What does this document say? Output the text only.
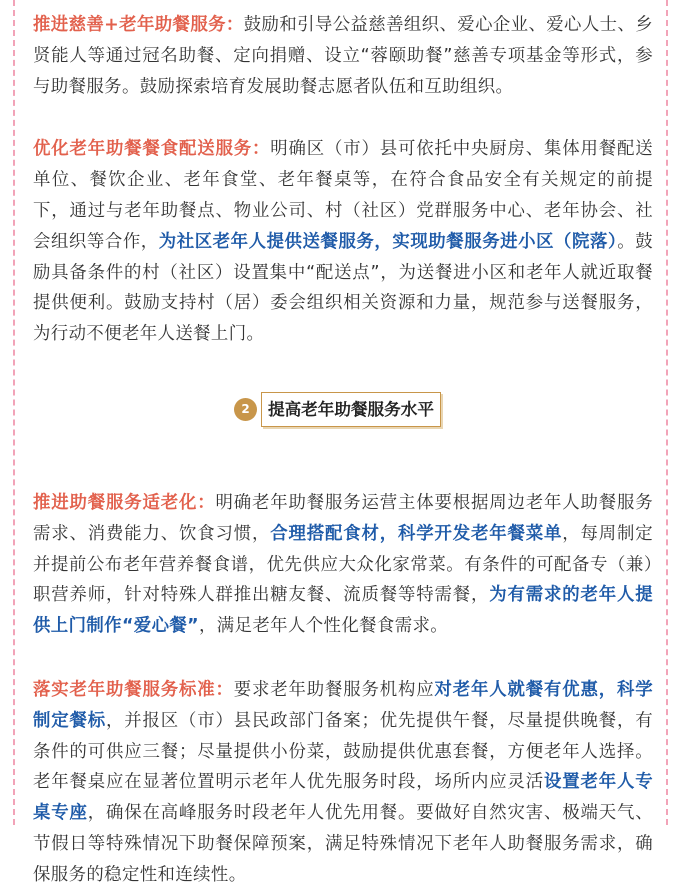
推进慈善+老年助餐服务：鼓励和引导公益慈善组织、爱心企业、爱心人士、乡贤能人等通过冠名助餐、定向捐赠、设立“蓉颐助餐”慈善专项基金等形式，参与助餐服务。鼓励探索培育发展助餐志愿者队伍和互助组织。
优化老年助餐餐食配送服务：明确区（市）县可依托中央厨房、集体用餐配送单位、餐饮企业、老年食堂、老年餐桌等，在符合食品安全有关规定的前提下，通过与老年助餐点、物业公司、村（社区）党群服务中心、老年协会、社会组织等合作，为社区老年人提供送餐服务，实现助餐服务进小区（院落）。鼓励具备条件的村（社区）设置集中“配送点”，为送餐进小区和老年人就近取餐提供便利。鼓励支持村（居）委会组织相关资源和力量，规范参与送餐服务，为行动不便老年人送餐上门。
2	提高老年助餐服务水平
推进助餐服务适老化：明确老年助餐服务运营主体要根据周边老年人助餐服务需求、消费能力、饮食习惯，合理搭配食材，科学开发老年餐菜单，每周制定并提前公布老年营养餐食谱，优先供应大众化家常菜。有条件的可配备专（兼）职营养师，针对特殊人群推出糖友餐、流质餐等特需餐，为有需求的老年人提供上门制作“爱心餐”，满足老年人个性化餐食需求。
落实老年助餐服务标准：要求老年助餐服务机构应对老年人就餐有优惠，科学制定餐标，并报区（市）县民政部门备案；优先提供午餐，尽量提供晚餐，有条件的可供应三餐；尽量提供小份菜，鼓励提供优惠套餐，方便老年人选择。老年餐桌应在显著位置明示老年人优先服务时段，场所内应灵活设置老年人专桌专座，确保在高峰服务时段老年人优先用餐。要做好自然灾害、极端天气、节假日等特殊情况下助餐保障预案，满足特殊情况下老年人助餐服务需求，确保服务的稳定性和连续性。
